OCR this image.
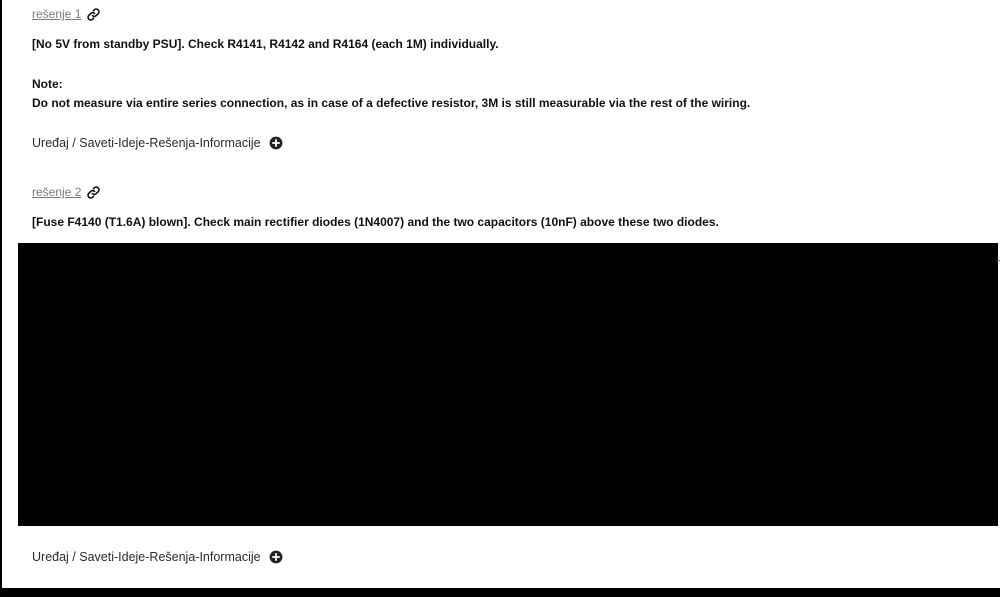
rešenje 1
[No 5V from standby PSU]. Check R4141, R4142 and R4164 (each 1M) individually.
Note:
Do not measure via entire series connection, as in case of a defective resistor, 3M is still measurable via the rest of the wiring.
Uređaj / Saveti-Ideje-Rešenja-Informacije
rešenje 2
[Fuse F4140 (T1.6A) blown]. Check main rectifier diodes (1N4007) and the two capacitors (10nF) above these two diodes.
Uređaj / Saveti-Ideje-Rešenja-Informacije
